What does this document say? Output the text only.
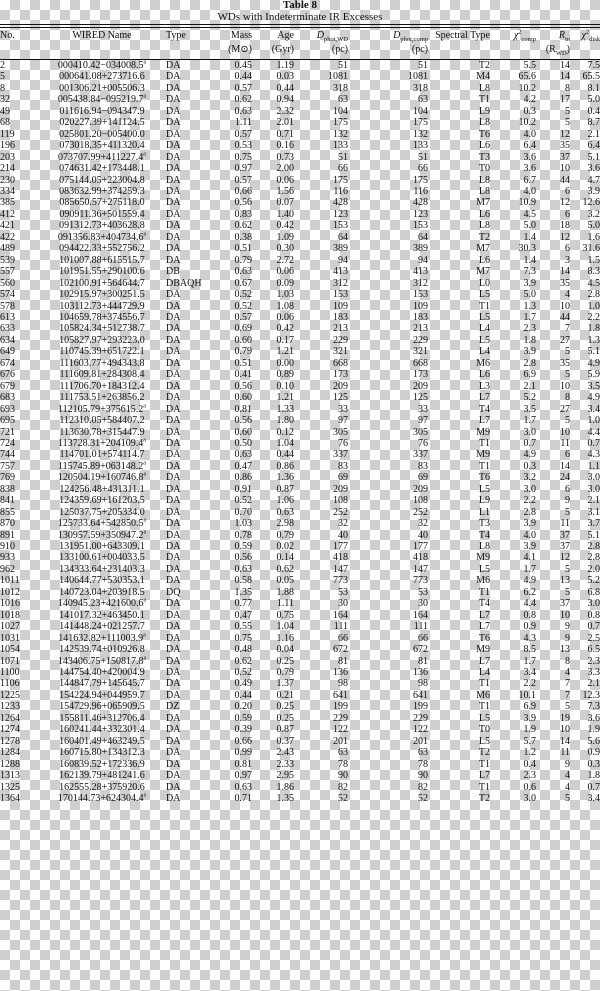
Table 8
WDs with Indeterminate IR Excesses
No.	WIRED Name	Type	Mass	Age	$D_{phot,WD}$	$D_{phot,comp}$	Spectral Type	$\chi^2_{comp}$	$R_{in}$	$\chi^2_{disk}$
			(M⊙)	(Gyr)	(pc)	(pc)			$(R_{WD})$	
2	000410.42−034008.5$^a$	DA	0.45	1.19	51	51	T2	5.5	14	7.5
5	000641.08+273716.6	DA	0.44	0.03	1081	1081	M4	65.6	14	65.5
8	001306.21+005506.3	DA	0.57	0.44	318	318	L8	10.2	8	8.1
32	005438.84−095219.7$^a$	DA	0.62	0.94	63	63	T1	4.2	17	5.0
49	011616.94−094347.9	DA	0.63	2.32	104	104	L9	0.3	5	0.4
68	020227.39+141124.5	DA	1.11	2.01	175	175	L8	10.2	5	8.7
119	025801.20−005400.0	DA	0.57	0.71	132	132	T6	4.0	12	2.1
196	073018.35+411320.4	DA	0.53	0.16	133	133	L6	6.4	35	6.4
203	073707.99+411227.4$^a$	DA	0.75	0.73	51	51	T3	3.6	37	5.1
214	074631.42+173448.1	DA	0.97	2.00	66	66	T0	3.6	10	3.6
230	075144.05+223004.8	DA	0.57	0.06	175	175	L8	6.7	44	4.7
334	083632.99+374259.3	DA	0.66	1.56	116	116	L8	4.0	6	3.9
385	085650.57+275118.0	DA	0.56	0.07	428	428	M7	10.9	12	12.6
412	090911.36+501559.4	DA	0.83	1.40	123	123	L6	4.5	6	3.2
421	091312.73+403628.8	DA	0.62	0.42	153	153	L8	5.0	18	5.0
422	091356.83+404734.6$^a$	DA	0.38	1.09	64	64	T2	1.4	12	1.6
489	094422.33+552756.2	DA	0.51	0.30	389	389	M7	30.3	6	31.6
539	101007.88+615515.7	DA	0.79	2.72	94	94	L6	1.4	3	1.5
557	101951.55+290100.6	DB	0.63	0.06	413	413	M7	7.3	14	8.3
560	102100.91+564644.7	DBAQH	0.67	0.09	312	312	L0	3.9	35	4.5
574	102915.97+300251.5	DA	0.52	1.03	153	153	L5	5.0	4	2.8
578	103112.73+444729.9	DA	0.52	1.08	109	109	T1	1.3	10	1.0
613	104659.78+374556.7	DA	0.57	0.06	183	183	L5	1.7	44	2.2
633	105824.34+512738.7	DA	0.69	0.42	213	213	L4	2.3	7	1.8
634	105827.97+293223.0	DA	0.60	0.17	229	229	L5	1.8	27	1.3
649	110745.39+651722.1	DA	0.79	1.21	321	321	L4	3.9	5	5.1
674	111603.77+494343.8	DA	0.51	0.00	668	668	M6	2.8	35	4.9
676	111609.81+284308.4	DA	0.41	0.89	173	173	L6	6.9	5	5.9
679	111706.70+184312.4	DA	0.56	0.10	209	209	L3	2.1	10	3.5
683	111753.51+263856.2	DA	0.60	1.21	125	125	L7	5.2	8	4.9
693	112105.79+375615.2$^a$	DA	0.81	1.33	33	33	T4	3.5	27	3.4
695	112310.05+584407.2	DA	0.56	1.80	97	97	L7	1.7	5	1.0
721	113630.78+315447.9	DA	0.60	0.12	305	305	M9	3.0	10	4.4
724	113728.31+204109.4$^a$	DA	0.50	1.04	76	76	T1	0.7	11	0.7
744	114701.01+574114.7	DA	0.63	0.44	337	337	M9	4.9	6	4.3
757	115745.89+063148.2$^a$	DA	0.47	0.86	83	83	T1	0.3	14	1.1
769	120504.19+160746.8$^a$	DA	0.86	1.36	69	69	T6	3.2	24	3.0
838	124256.48+431311.1	DA	0.91	0.87	209	209	L5	3.0	6	3.0
841	124359.69+161203.5	DA	0.52	1.06	108	108	L9	2.2	9	2.1
855	125037.75+205334.0	DA	0.70	0.63	252	252	L1	2.8	5	3.1
870	125733.64+542850.5$^a$	DA	1.03	2.98	32	32	T3	3.9	11	3.7
891	130957.59+350947.2$^a$	DA	0.78	0.79	40	40	T4	4.0	37	5.1
910	131951.00+643309.1	DA	0.59	0.02	177	177	L8	3.9	37	2.8
933	133100.61+004033.5	DA	0.56	0.14	418	418	M9	4.1	12	2.8
962	134333.64+231403.3	DA	0.63	0.62	147	147	L5	1.7	5	2.0
1011	140644.77+530353.1	DA	0.58	0.05	773	773	M6	4.9	13	5.2
1012	140723.04+203918.5	DQ	1.35	1.88	53	53	T1	6.2	5	6.8
1016	140945.23+421600.6$^a$	DA	0.77	1.11	30	30	T4	4.4	37	3.0
1018	141017.32+463450.1	DA	0.47	0.75	164	164	L7	0.8	10	0.8
1027	141448.24+021257.7	DA	0.55	1.04	111	111	L7	0.9	9	0.7
1031	141632.82+111003.9$^a$	DA	0.75	1.16	66	66	T6	4.3	9	2.5
1054	142539.74+010926.8	DA	0.48	0.04	672	672	M9	8.5	13	6.5
1071	143406.75+150817.8$^a$	DA	0.62	0.25	81	81	L7	1.7	8	2.3
1100	144754.40+420004.9	DA	0.52	0.79	136	136	L4	3.4	4	3.3
1106	144847.79+145645.7	DA	0.49	1.37	98	98	T1	2.2	7	2.1
1225	154224.94+044959.7	DA	0.44	0.21	641	641	M6	10.1	7	12.3
1233	154729.96+065909.5	DZ	0.20	0.25	199	199	T1	6.9	5	7.3
1264	155811.46+312706.4	DA	0.59	0.25	229	229	L5	3.9	19	3.6
1274	160241.44+332301.4	DA	0.39	0.87	122	122	T0	1.9	10	1.9
1278	160401.49+463249.5	DA	0.66	0.37	201	201	L5	5.7	14	5.6
1284	160715.80+134312.3	DA	0.99	2.43	63	63	T2	1.2	11	0.9
1288	160839.52+172336.9	DA	0.81	2.33	78	78	T1	0.4	9	0.3
1313	162139.79+481241.6	DA	0.97	2.95	90	90	L7	2.3	4	1.8
1325	162555.28+375920.6	DA	0.63	1.86	82	82	T1	0.6	4	0.7
1364	170144.73+624304.4$^a$	DA	0.71	1.35	52	52	T2	3.0	5	3.4
